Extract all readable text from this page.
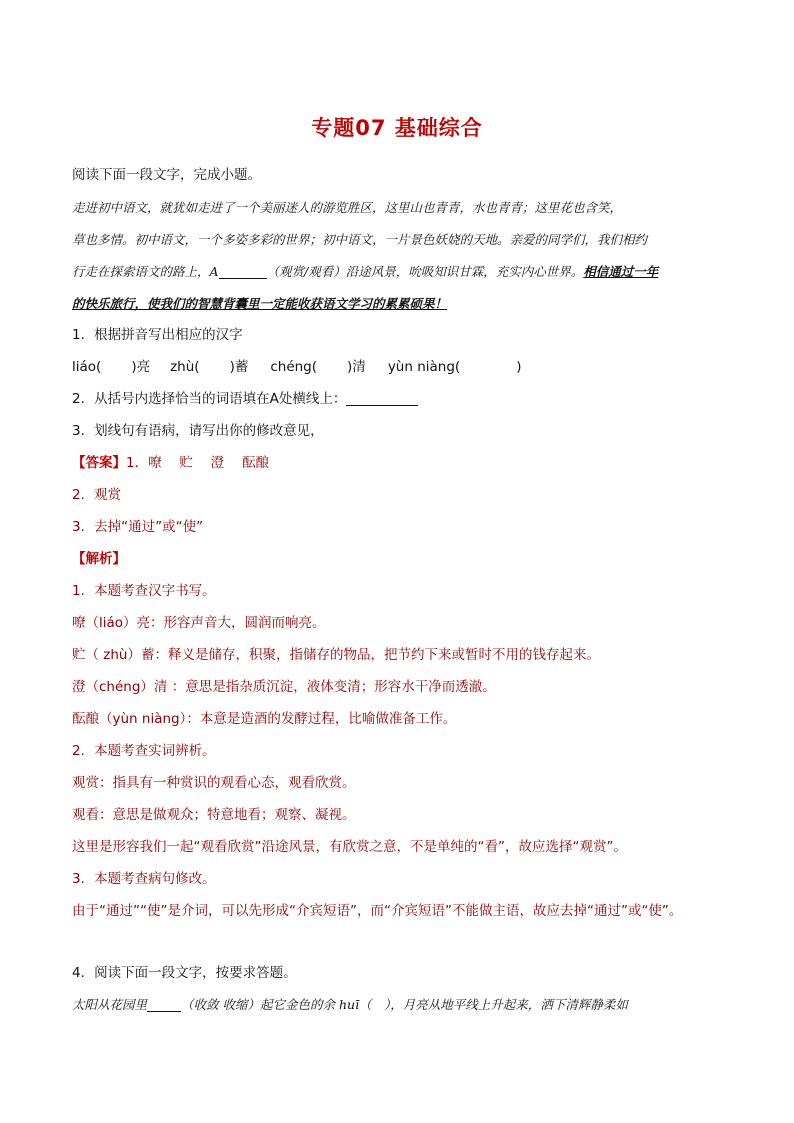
专题07 基础综合
阅读下面一段文字，完成小题。
走进初中语文，就犹如走进了一个美丽迷人的游览胜区，这里山也青青，水也青青；这里花也含笑，
草也多情。初中语文，一个多姿多彩的世界；初中语文，一片景色妖娆的天地。亲爱的同学们，我们相约
行走在探索语文的路上，A	（观赏/观看）沿途风景，吮吸知识甘霖，充实内心世界。相信通过一年
的快乐旅行，使我们的智慧背囊里一定能收获语文学习的累累硕果！
1．根据拼音写出相应的汉字
liáo( )亮 zhù( )蓄 chéng( )清 yùn niàng(	)
2．从括号内选择恰当的词语填在A处横线上：
3．划线句有语病，请写出你的修改意见，
【答案】1．嘹　 贮　 澄　 酝酿
2．观赏
3．去掉“通过”或“使”
【解析】
1．本题考查汉字书写。
嘹（liáo）亮：形容声音大，圆润而响亮。
贮（ zhù）蓄：释义是储存，积聚，指储存的物品，把节约下来或暂时不用的钱存起来。
澄（chéng）清 ：意思是指杂质沉淀，液体变清；形容水干净而透澈。
酝酿（yùn niàng）：本意是造酒的发酵过程，比喻做准备工作。
2．本题考查实词辨析。
观赏：指具有一种赏识的观看心态，观看欣赏。
观看：意思是做观众；特意地看；观察、凝视。
这里是形容我们一起“观看欣赏”沿途风景，有欣赏之意，不是单纯的“看”，故应选择“观赏”。
3．本题考查病句修改。
由于“通过”“使”是介词，可以先形成“介宾短语”，而“介宾短语”不能做主语，故应去掉“通过”或“使”。
4．阅读下面一段文字，按要求答题。
太阳从花园里	（收敛 收缩）起它金色的余 huī（　），月亮从地平线上升起来，洒下清辉静柔如
